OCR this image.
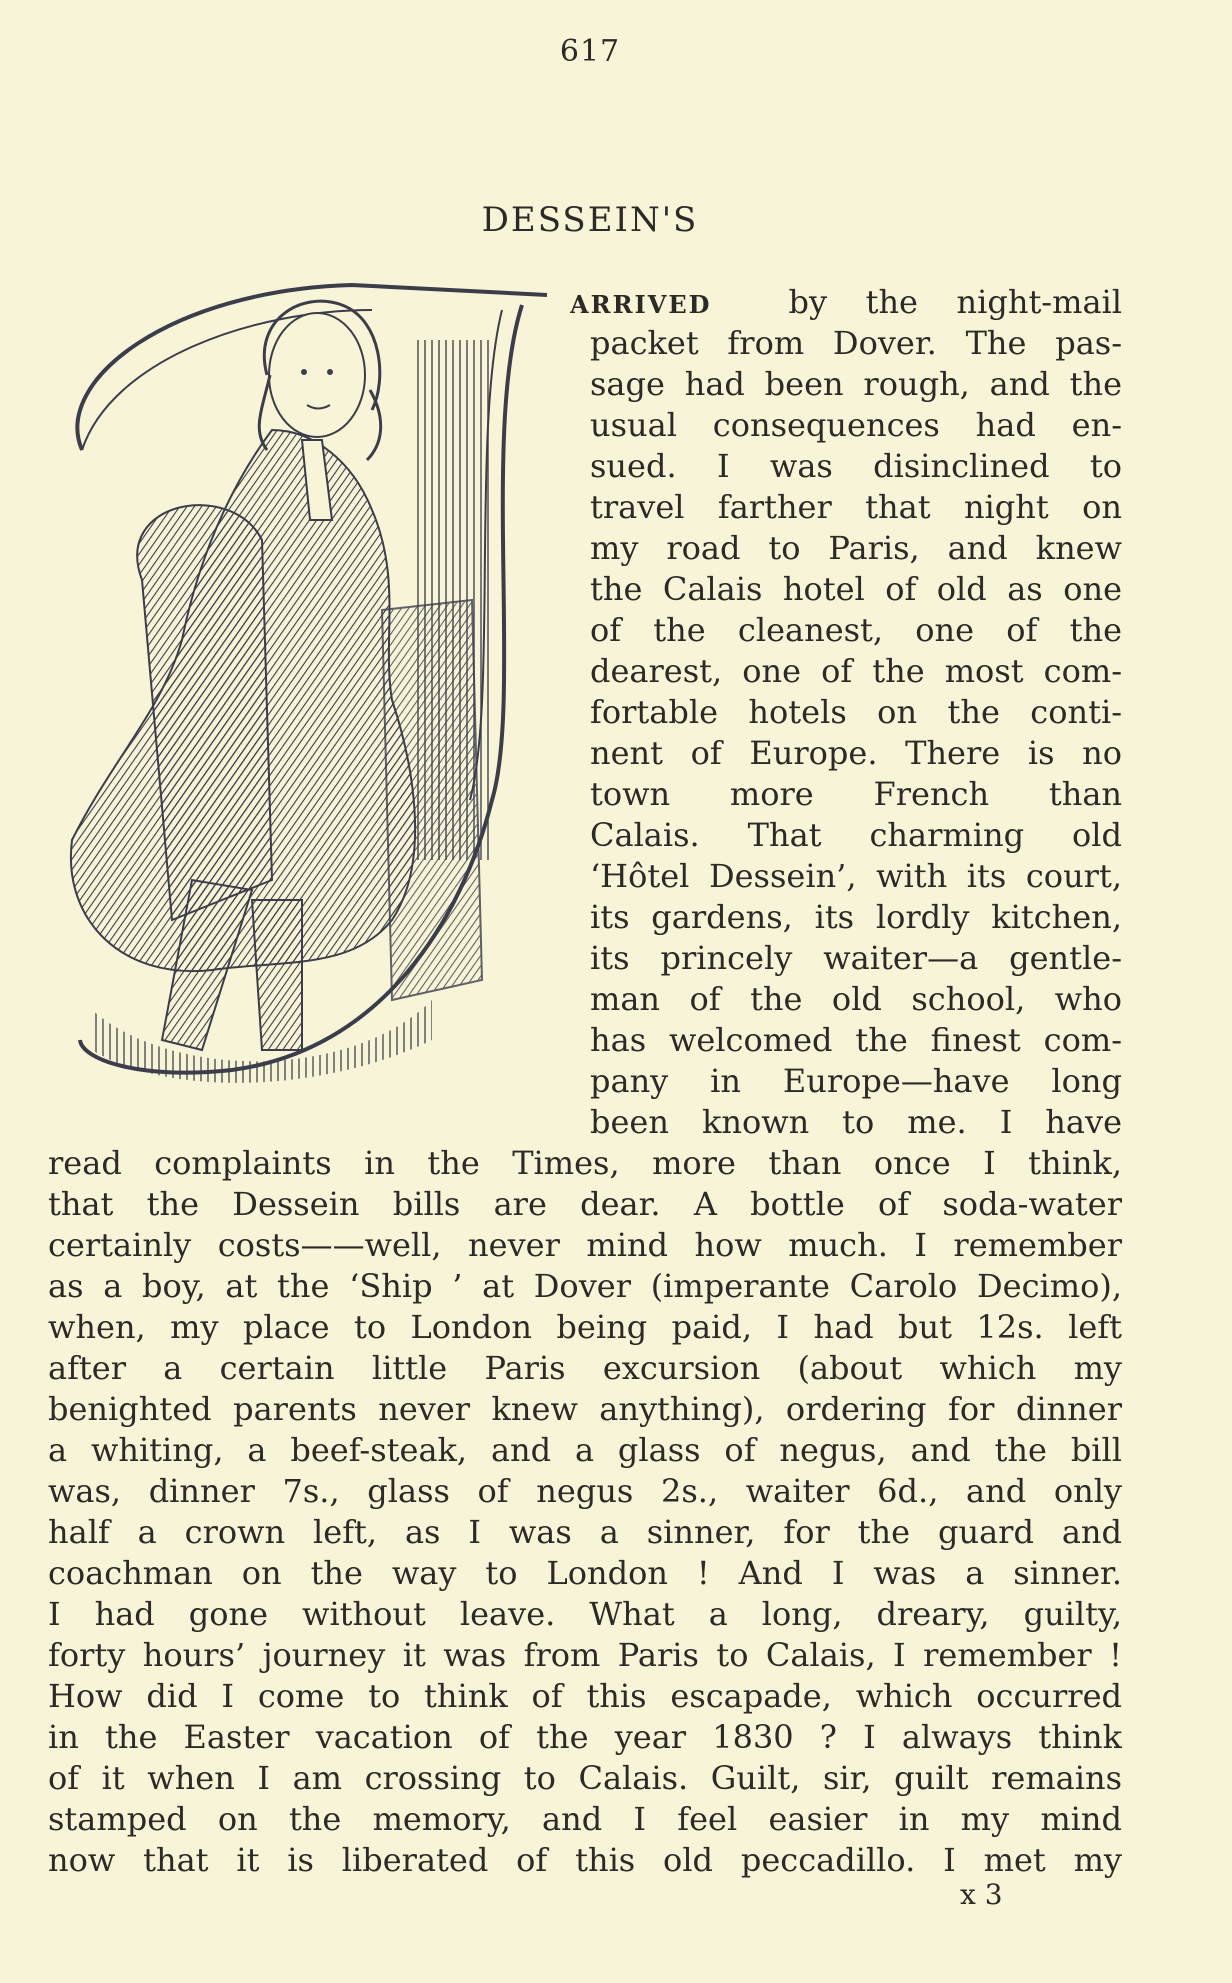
617
DESSEIN'S
ARRIVED by the night-mail
packet from Dover. The pas-
sage had been rough, and the
usual consequences had en-
sued. I was disinclined to
travel farther that night on
my road to Paris, and knew
the Calais hotel of old as one
of the cleanest, one of the
dearest, one of the most com-
fortable hotels on the conti-
nent of Europe. There is no
town more French than
Calais. That charming old
‘Hôtel Dessein’, with its court,
its gardens, its lordly kitchen,
its princely waiter—a gentle-
man of the old school, who
has welcomed the finest com-
pany in Europe—have long
been known to me. I have
read complaints in the Times, more than once I think,
that the Dessein bills are dear. A bottle of soda-water
certainly costs——well, never mind how much. I remember
as a boy, at the ‘Ship ’ at Dover (imperante Carolo Decimo),
when, my place to London being paid, I had but 12s. left
after a certain little Paris excursion (about which my
benighted parents never knew anything), ordering for dinner
a whiting, a beef-steak, and a glass of negus, and the bill
was, dinner 7s., glass of negus 2s., waiter 6d., and only
half a crown left, as I was a sinner, for the guard and
coachman on the way to London ! And I was a sinner.
I had gone without leave. What a long, dreary, guilty,
forty hours’ journey it was from Paris to Calais, I remember !
How did I come to think of this escapade, which occurred
in the Easter vacation of the year 1830 ? I always think
of it when I am crossing to Calais. Guilt, sir, guilt remains
stamped on the memory, and I feel easier in my mind
now that it is liberated of this old peccadillo. I met my
x 3
